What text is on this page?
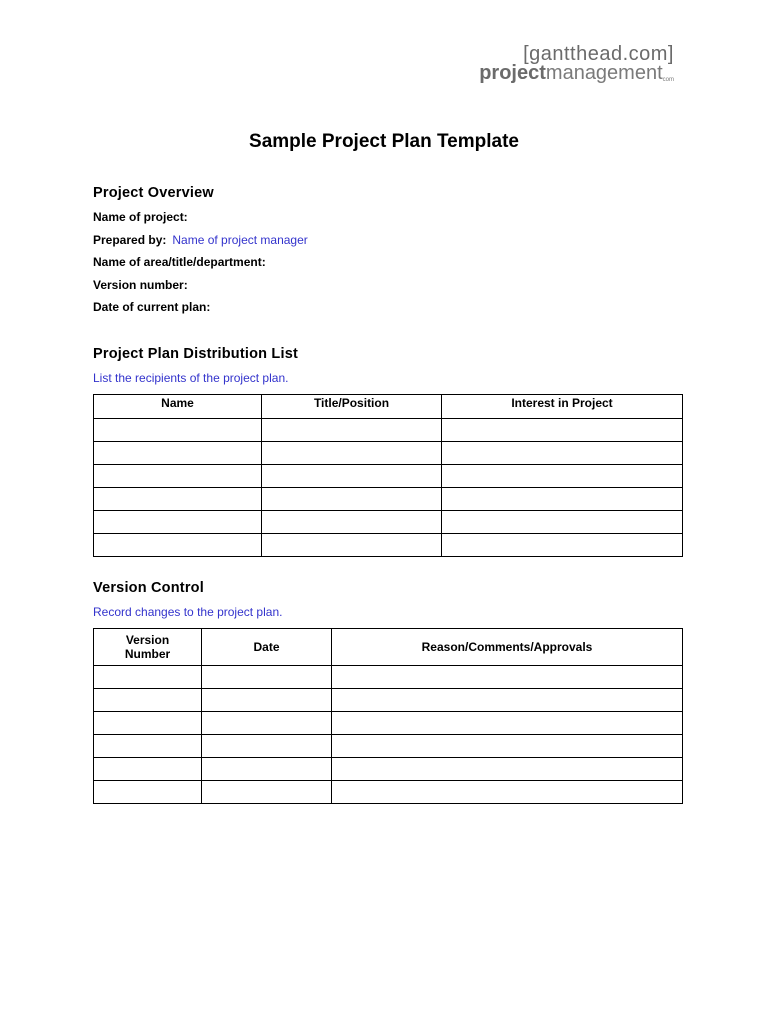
[gantthead.com]
projectmanagementcom
Sample Project Plan Template
Project Overview
Name of project:
Prepared by: Name of project manager
Name of area/title/department:
Version number:
Date of current plan:
Project Plan Distribution List
List the recipients of the project plan.
Name	Title/Position	Interest in Project

Version Control
Record changes to the project plan.
Version Number	Date	Reason/Comments/Approvals
